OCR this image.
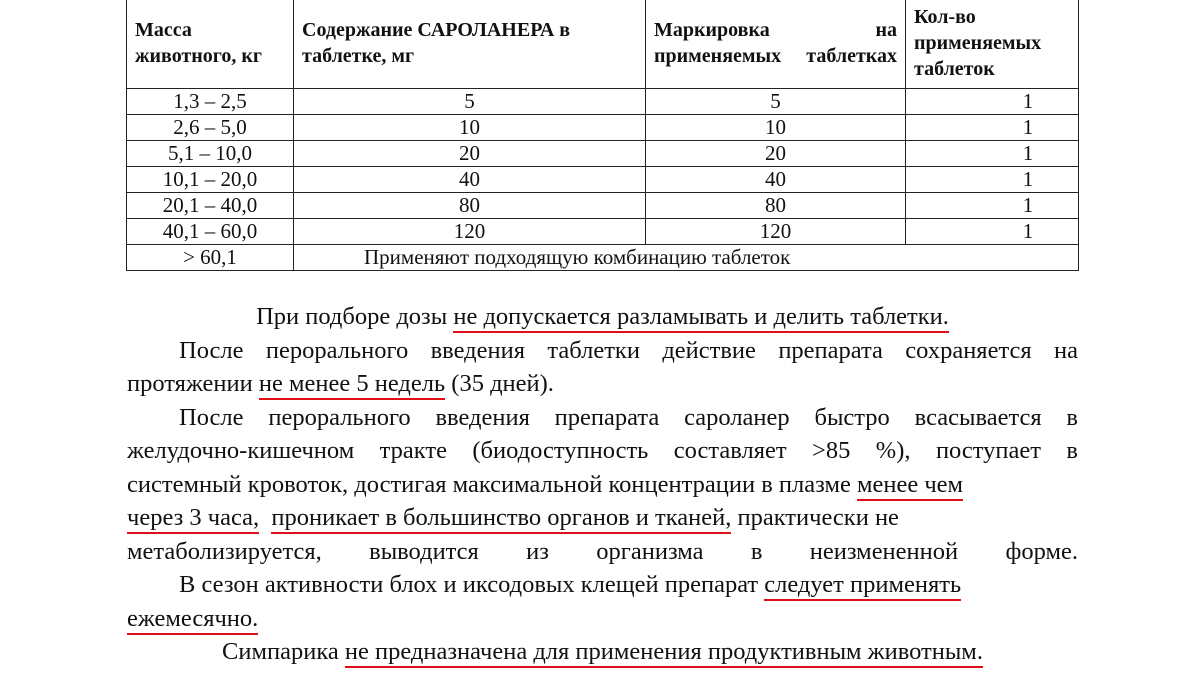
Масса животного, кг	Содержание САРОЛАНЕРА в таблетке, мг	Маркировка на применяемых таблетках	Кол-во применяемых таблеток
1,3 – 2,5	5	5	1
2,6 – 5,0	10	10	1
5,1 – 10,0	20	20	1
10,1 – 20,0	40	40	1
20,1 – 40,0	80	80	1
40,1 – 60,0	120	120	1
> 60,1	Применяют подходящую комбинацию таблеток		
При подборе дозы не допускается разламывать и делить таблетки.
После перорального введения таблетки действие препарата сохраняется на
протяжении не менее 5 недель (35 дней).
После перорального введения препарата сароланер быстро всасывается в
желудочно-кишечном тракте (биодоступность составляет >85 %), поступает в
системный кровоток, достигая максимальной концентрации в плазме менее чем
через 3 часа, проникает в большинство органов и тканей, практически не
метаболизируется, выводится из организма в неизмененной форме.
В сезон активности блох и иксодовых клещей препарат следует применять
ежемесячно.
Симпарика не предназначена для применения продуктивным животным.
